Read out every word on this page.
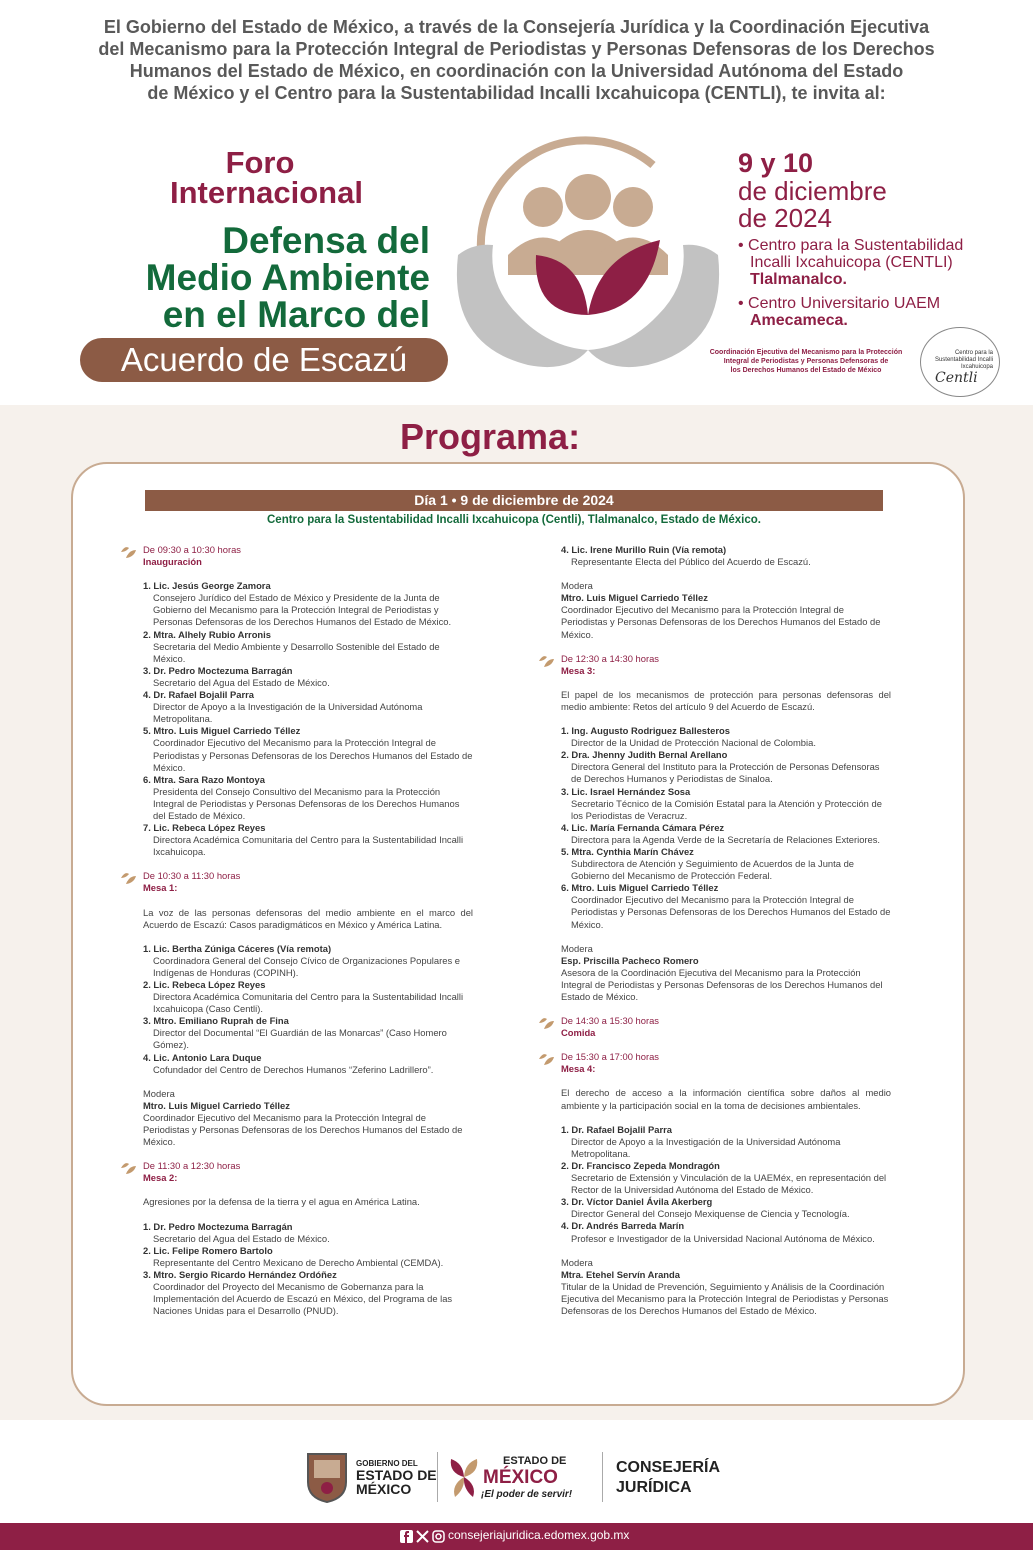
El Gobierno del Estado de México, a través de la Consejería Jurídica y la Coordinación Ejecutiva
del Mecanismo para la Protección Integral de Periodistas y Personas Defensoras de los Derechos
Humanos del Estado de México, en coordinación con la Universidad Autónoma del Estado
de México y el Centro para la Sustentabilidad Incalli Ixcahuicopa (CENTLI), te invita al:
Foro
Internacional
Defensa del
Medio Ambiente
en el Marco del
Acuerdo de Escazú
9 y 10
de diciembre
de 2024
• Centro para la Sustentabilidad
Incalli Ixcahuicopa (CENTLI)
Tlalmanalco.
• Centro Universitario UAEM
Amecameca.
Coordinación Ejecutiva del Mecanismo para la Protección
Integral de Periodistas y Personas Defensoras de
los Derechos Humanos del Estado de México
Centro para la Sustentabilidad Incalli Ixcahuicopa
Centli
Programa:
Día 1 • 9 de diciembre de 2024
Centro para la Sustentabilidad Incalli Ixcahuicopa (Centli), Tlalmanalco, Estado de México.
De 09:30 a 10:30 horas
Inauguración
1. Lic. Jesús George Zamora
Consejero Jurídico del Estado de México y Presidente de la Junta de Gobierno del Mecanismo para la Protección Integral de Periodistas y Personas Defensoras de los Derechos Humanos del Estado de México.
2. Mtra. Alhely Rubio Arronis
Secretaria del Medio Ambiente y Desarrollo Sostenible del Estado de México.
3. Dr. Pedro Moctezuma Barragán
Secretario del Agua del Estado de México.
4. Dr. Rafael Bojalil Parra
Director de Apoyo a la Investigación de la Universidad Autónoma Metropolitana.
5. Mtro. Luis Miguel Carriedo Téllez
Coordinador Ejecutivo del Mecanismo para la Protección Integral de Periodistas y Personas Defensoras de los Derechos Humanos del Estado de México.
6. Mtra. Sara Razo Montoya
Presidenta del Consejo Consultivo del Mecanismo para la Protección Integral de Periodistas y Personas Defensoras de los Derechos Humanos del Estado de México.
7. Lic. Rebeca López Reyes
Directora Académica Comunitaria del Centro para la Sustentabilidad Incalli Ixcahuicopa.
De 10:30 a 11:30 horas
Mesa 1:
La voz de las personas defensoras del medio ambiente en el marco del Acuerdo de Escazú: Casos paradigmáticos en México y América Latina.
1. Lic. Bertha Zúniga Cáceres (Vía remota)
Coordinadora General del Consejo Cívico de Organizaciones Populares e Indígenas de Honduras (COPINH).
2. Lic. Rebeca López Reyes
Directora Académica Comunitaria del Centro para la Sustentabilidad Incalli Ixcahuicopa (Caso Centli).
3. Mtro. Emiliano Ruprah de Fina
Director del Documental “El Guardián de las Monarcas” (Caso Homero Gómez).
4. Lic. Antonio Lara Duque
Cofundador del Centro de Derechos Humanos “Zeferino Ladrillero”.
Modera
Mtro. Luis Miguel Carriedo Téllez
Coordinador Ejecutivo del Mecanismo para la Protección Integral de Periodistas y Personas Defensoras de los Derechos Humanos del Estado de México.
De 11:30 a 12:30 horas
Mesa 2:
Agresiones por la defensa de la tierra y el agua en América Latina.
1. Dr. Pedro Moctezuma Barragán
Secretario del Agua del Estado de México.
2. Lic. Felipe Romero Bartolo
Representante del Centro Mexicano de Derecho Ambiental (CEMDA).
3. Mtro. Sergio Ricardo Hernández Ordóñez
Coordinador del Proyecto del Mecanismo de Gobernanza para la Implementación del Acuerdo de Escazú en México, del Programa de las Naciones Unidas para el Desarrollo (PNUD).
4. Lic. Irene Murillo Ruin (Vía remota)
Representante Electa del Público del Acuerdo de Escazú.
Modera
Mtro. Luis Miguel Carriedo Téllez
Coordinador Ejecutivo del Mecanismo para la Protección Integral de Periodistas y Personas Defensoras de los Derechos Humanos del Estado de México.
De 12:30 a 14:30 horas
Mesa 3:
El papel de los mecanismos de protección para personas defensoras del medio ambiente: Retos del artículo 9 del Acuerdo de Escazú.
1. Ing. Augusto Rodriguez Ballesteros
Director de la Unidad de Protección Nacional de Colombia.
2. Dra. Jhenny Judith Bernal Arellano
Directora General del Instituto para la Protección de Personas Defensoras de Derechos Humanos y Periodistas de Sinaloa.
3. Lic. Israel Hernández Sosa
Secretario Técnico de la Comisión Estatal para la Atención y Protección de los Periodistas de Veracruz.
4. Lic. María Fernanda Cámara Pérez
Directora para la Agenda Verde de la Secretaría de Relaciones Exteriores.
5. Mtra. Cynthia Marín Chávez
Subdirectora de Atención y Seguimiento de Acuerdos de la Junta de Gobierno del Mecanismo de Protección Federal.
6. Mtro. Luis Miguel Carriedo Téllez
Coordinador Ejecutivo del Mecanismo para la Protección Integral de Periodistas y Personas Defensoras de los Derechos Humanos del Estado de México.
Modera
Esp. Priscilla Pacheco Romero
Asesora de la Coordinación Ejecutiva del Mecanismo para la Protección Integral de Periodistas y Personas Defensoras de los Derechos Humanos del Estado de México.
De 14:30 a 15:30 horas
Comida
De 15:30 a 17:00 horas
Mesa 4:
El derecho de acceso a la información científica sobre daños al medio ambiente y la participación social en la toma de decisiones ambientales.
1. Dr. Rafael Bojalil Parra
Director de Apoyo a la Investigación de la Universidad Autónoma Metropolitana.
2. Dr. Francisco Zepeda Mondragón
Secretario de Extensión y Vinculación de la UAEMéx, en representación del Rector de la Universidad Autónoma del Estado de México.
3. Dr. Víctor Daniel Ávila Akerberg
Director General del Consejo Mexiquense de Ciencia y Tecnología.
4. Dr. Andrés Barreda Marín
Profesor e Investigador de la Universidad Nacional Autónoma de México.
Modera
Mtra. Etehel Servín Aranda
Titular de la Unidad de Prevención, Seguimiento y Análisis de la Coordinación Ejecutiva del Mecanismo para la Protección Integral de Periodistas y Personas Defensoras de los Derechos Humanos del Estado de México.
GOBIERNO DEL
ESTADO DE
MÉXICO
ESTADO DE
MÉXICO
¡El poder de servir!
CONSEJERÍA
JURÍDICA
consejeriajuridica.edomex.gob.mx
